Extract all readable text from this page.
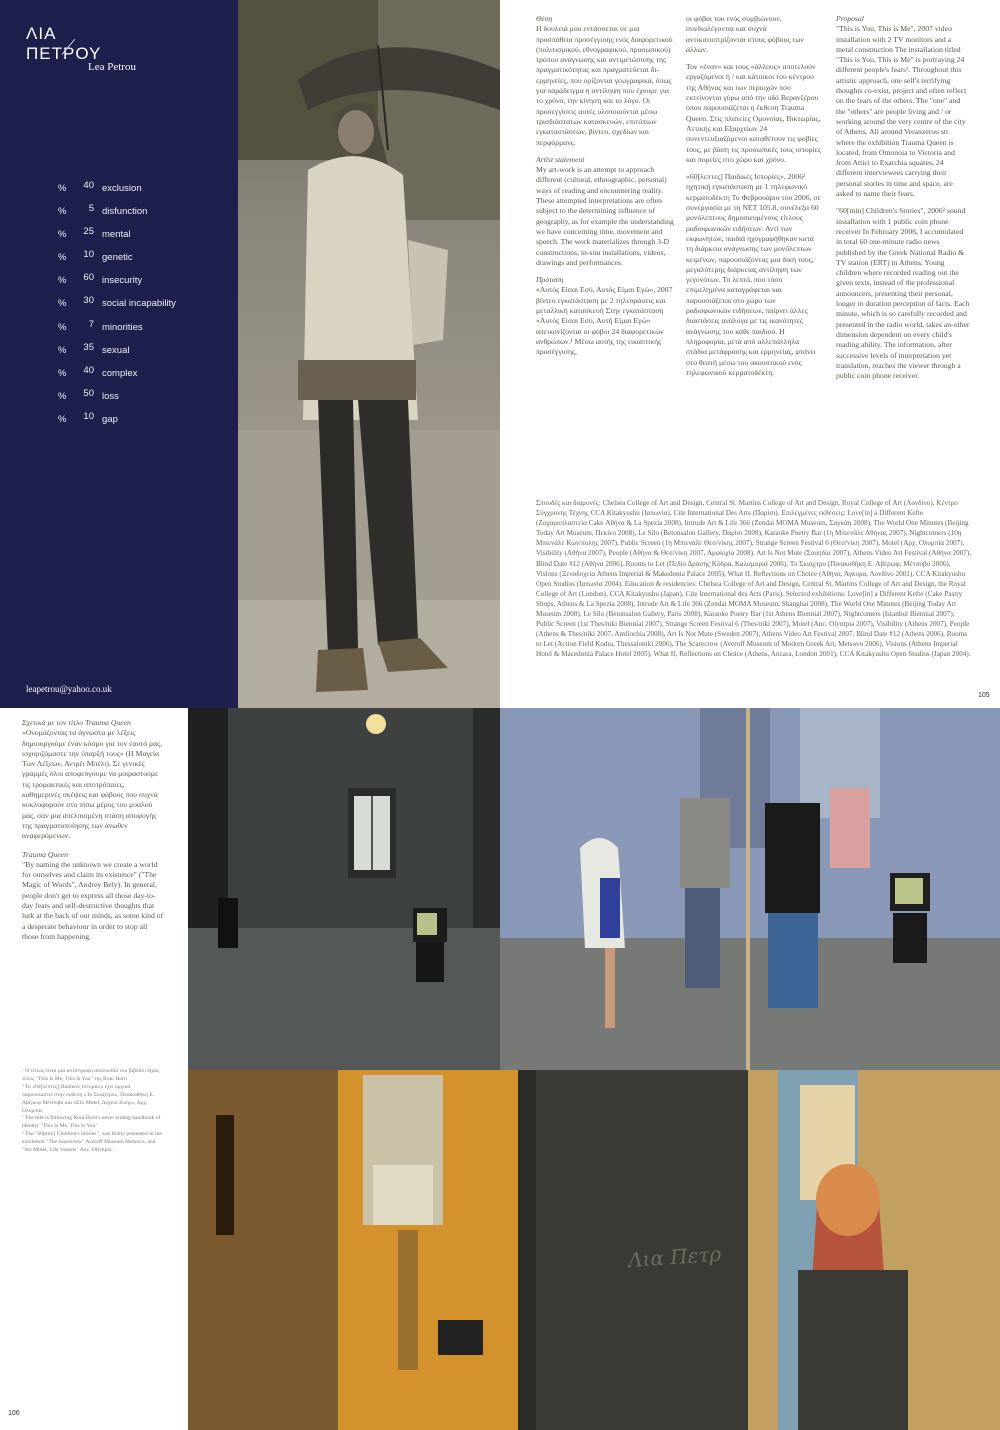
ΛΙΑ
ΠΕΤΡΟΥ
Lea Petrou
%	40 exclusion
%	5 disfunction
%	25 mental
%	10 genetic
%	60 insecurity
%	30 social incapability
%	7 minorities
%	35 sexual
%	40 complex
%	50 loss
%	10 gap
leapetrou@yahoo.co.uk
Θέση

Η δουλειά μου εντάσσεται σε μια προσπάθεια προσέγγισης ενός διαφορετικού (πολιτισμικού, εθνογραφικού, προσωπικού) τρόπου ανάγνωσης και αντιμετώπισης της πραγματικότητας και πραγματεύεται δι-ερμηνείες, που ορίζονται γεωγραφικά, όπως για παράδειγμα η αντίληψη που έχουμε για το χρόνο, την κίνηση και το λόγο. Οι προσεγγίσεις αυτές υλοποιούνται μέσω τρισδιάστατων κατασκευών, επιτόπιων εγκαταστάσεων, βίντεο, σχεδίων και περφόρμανς.

Artist statement

My art-work is an attempt to approach different (cultural, ethnographic, personal) ways of reading and encountering reality. These attempted interpretations are often subject to the determining influence of geography, as for example the understanding we have concerning time, movement and speech. The work materializes through 3-D constructions, in-situ installations, videos, drawings and performances.

Πρόταση

«Αυτός Είσαι Εσύ, Αυτός Είμαι Εγώ», 2007 βίντεο εγκατάσταση με 2 τηλεοράσεις και μεταλλική κατασκευή Στην εγκατάσταση «Αυτός Είσαι Εσύ, Αυτή Είμαι Εγώ» απεικονίζονται οι φόβοι 24 διαφορετικών ανθρώπων.¹ Μέσω αυτής της εικαστικής προσέγγισης,

οι φόβοι του ενός συμβιώνουν, συνδιαλέγονται και συχνά αντικατοπτρίζονται στους φόβους των άλλων.

Τον «έναν» και τους «άλλους» αποτελούν εργαζόμενοι ή / και κάτοικοι του κέντρου της Αθήνας και των περιοχών που εκτείνονται γύρω από την οδό Βερανζέρου όπου παρουσιάζεται η έκθεση Trauma Queen. Στις πλατείες Ομονοίας, Βικτωρίας, Αττικής και Εξαρχείων 24 συνεντευξιαζόμενοι καταθέτουν τις φοβίες τους, με βάση τις προσωπικές τους ιστορίες και πορείες στο χώρο και χρόνο.

«60[λεπτες] Παιδικές Ιστορίες», 2006²

ηχητική εγκατάσταση με 1 τηλεφωνικό κερματοδέκτη Το Φεβρουάριο του 2006, σε συνεργασία με τη ΝΕΤ 105.8, συνέλεξα 60 μονόλεπτους δημοσιευμένους τίτλους ραδιοφωνικών ειδήσεων. Αντί των εκφωνητών, παιδιά ηχογραφήθηκαν κατά τη διάρκεια ανάγνωσης των μονόλεπτων κειμένων, παρουσιάζοντας μια δική τους, μεγαλύτερης διάρκειας αντίληψη των γεγονότων. Το λεπτό, που τόσο επιμελημένα καταγράφεται και παρουσιάζεται στο χώρο των ραδιοφωνικών ειδήσεων, παίρνει άλλες διαστάσεις ανάλογα με τις ικανότητες ανάγνωσης του κάθε παιδιού. Η πληροφορία, μετά από αλλεπάλληλα στάδια μετάφρασης και ερμηνείας, φτάνει στο θεατή μέσω του ακουστικού ενός τηλεφωνικού κερματοδέκτη.

Proposal

"This is You, This is Me", 2007 video installation with 2 TV monitors and a metal construction The installation titled "This is You, This is Me" is portraying 24 different people's fears¹. Throughout this artistic approach, one self's terrifying thoughts co-exist, project and often reflect on the fears of the others. The "one" and the "others" are people living and / or working around the very centre of the city of Athens. All around Veranzerou str. where the exhibition Trauma Queen is located, from Omonoia to Victoria and from Attici to Exarchia squares, 24 different interviewees carrying their personal stories in time and space, are asked to name their fears.

"60[min] Children's Stories", 2006² sound installation with 1 public coin phone receiver In February 2006, I accumulated in total 60 one-minute radio news published by the Greek National Radio & TV station (ERT) in Athens. Young children where recorded reading out the given texts, instead of the professional announcers, presenting their personal, longer in duration perception of facts. Each minute, which is so carefully recorded and presented in the radio world, takes an-other dimension dependent on every child's reading ability. The information, after successive levels of interpretation yet translation, reaches the viewer through a public coin phone receiver.

Σπουδές και διαμονές: Chelsea College of Art and Design, Central St. Martins College of Art and Design, Royal College of Art (Λονδίνο), Κέντρο Σύγχρονης Τέχνης CCA Kitakyushu (Ιαπωνία), Cite International Des Arts (Παρίσι). Επιλεγμένες εκθέσεις: Love[in] a Different Kefte (Ζαχαροπλαστεία Cake Αθήνα & La Spezia 2008), Intrude Art & Life 366 (Zendai MOMA Museum, Σαγκάη 2008), The World One Minutes (Beijing Today Art Museum, Πεκίνο 2008), Le Silo (Betonsalon Gallery, Παρίσι 2008), Karaoke Poetry Bar (1η Μπιενάλε Αθήνας 2007), Nightcomers (10η Μπιενάλε Κων/πολης 2007), Public Screen (1η Μπιενάλε Θεσ/νίκης 2007), Strange Screen Festival 6 (Θεσ/νίκη 2007), Motel (Αρχ. Ολυμπία 2007), Visibility (Αθήνα 2007), People (Αθήνα & Θεσ/νίκη 2007, Αμφίοχία 2008), Art Is Not Mute (Σουηδία 2007), Athens Video Art Festival (Αθήνα 2007), Blind Date #12 (Αθήνα 2006), Rooms to Let (Πεδίο Δράσης Κόδρα, Καλαμαριά 2006), Το Σκιάχτρο (Πινακοθήκη Ε. Αβέρωφ, Μέτσοβο 2006), Visions (Ξενοδοχεία Athens Imperial & Makedonia Palace 2005), What If, Reflections on Choice (Αθήνα, Άγκυρα, Λονδίνο 2001), CCA Kitakyushu Open Studios (Ιαπωνία 2004). Education & residencies: Chelsea College of Art and Design, Central St. Martins College of Art and Design, the Royal College of Art (London), CCA Kitakyushu (Japan), Cite International des Arts (Paris). Selected exhibitions: Love[in] a Different Kefte (Cake Pastry Shops, Athens & La Spezia 2008), Intrude Art & Life 366 (Zendai MOMA Museum, Shanghai 2008), The World One Minutes (Beijing Today Art Museum 2008), Le Silo (Betonsalon Gallery, Paris 2008), Karaoke Poetry Bar (1st Athens Biennial 2007), Nightcomers (Istanbul Biennial 2007), Public Screen (1st Thes/niki Biennial 2007), Strange Screen Festival 6 (Thes/niki 2007), Motel (Anc. Olympia 2007), Visibility (Athens 2007), People (Athens & Thes/niki 2007, Amfiochia 2008), Art Is Not Mute (Sweden 2007), Athens Video Art Festival 2007, Blind Date #12 (Athens 2006), Rooms to Let (Action Field Kodra, Thessaloniki 2006), The Scarecrow (Averoff Museum of Modern Greek Art, Metsovo 2006), Visions (Athens Imperial Hotel & Macedonia Palace Hotel 2005), What If, Reflections on Choice (Athens, Ancara, London 2001), CCA Kitakyushu Open Studios (Japan 2004).
105
Σχετικά με τον τίτλο Trauma Queen

«Ονομάζοντας τα άγνωστα με λέξεις δημιουργούμε έναν κόσμο για τον εαυτό μας, ισχυριζόμαστε την ύπαρξή τους» (Η Μαγεία Των Λέξεων, Αντρέι Μπέλι). Σε γενικές γραμμές όλοι αποφεύγουμε να μοιραστούμε τις τρομακτικές και αποτρόπαιες, καθημερινές σκέψεις και φόβους που συχνά κυκλοφορούν στο πίσω μέρος του μυαλού μας, σαν μια απελπισμένη στάση αποφυγής της πραγματοποίησης των άνωθεν αναφερόμενων.

Trauma Queen

"By naming the unknown we create a world for ourselves and claim its existence" ("The Magic of Words", Andrey Bely). In general, people don't get to express all those day-to-day fears and self-destructive thoughts that lurk at the back of our minds, as some kind of a desperate behaviour in order to stop all those from happening.

¹ Ο τίτλος είναι μια αντίστροφη ακολουθία του βιβλίου δίχως τέλος "This Is Me, This Is You" της Roni Horn

² Το «60[λεπτες] Παιδικές Ιστορίες» έχει αρχικά παρουσιαστεί στην έκθεση «Το Σκιάχτρο», Πινακοθήκη Ε. Αβέρωφ Μέτσοβο και «Στο Motel, Δοχεία Ζωής», Αρχ. Ολυμπία.

¹ The title is following Roni Horn's never ending handbook of identity "This Is Me, This Is You"

² The "60[min] Children's Stories", was firstly presented in the exhibition "The Scarecrow" Averoff Museum Metsovo, and "Sto Motel, Life Vessels" Anc. Olympia.

106
Λια Πετρ
